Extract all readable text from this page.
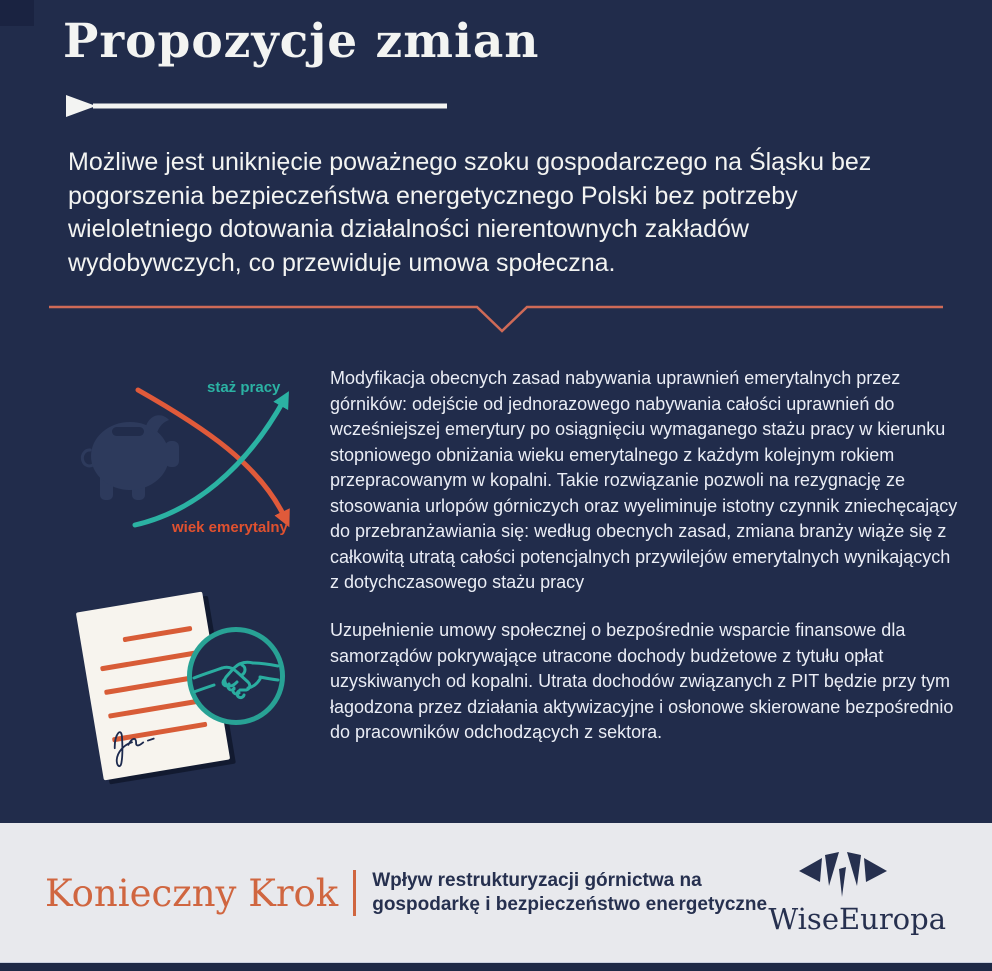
Propozycje zmian

Możliwe jest uniknięcie poważnego szoku gospodarczego na Śląsku bez pogorszenia bezpieczeństwa energetycznego Polski bez potrzeby wieloletniego dotowania działalności nierentownych zakładów wydobywczych, co przewiduje umowa społeczna.

staż pracy
wiek emerytalny

Modyfikacja obecnych zasad nabywania uprawnień emerytalnych przez górników: odejście od jednorazowego nabywania całości uprawnień do wcześniejszej emerytury po osiągnięciu wymaganego stażu pracy w kierunku stopniowego obniżania wieku emerytalnego z każdym kolejnym rokiem przepracowanym w kopalni. Takie rozwiązanie pozwoli na rezygnację ze stosowania urlopów górniczych oraz wyeliminuje istotny czynnik zniechęcający do przebranżawiania się: według obecnych zasad, zmiana branży wiąże się z całkowitą utratą całości potencjalnych przywilejów emerytalnych wynikających z dotychczasowego stażu pracy

Uzupełnienie umowy społecznej o bezpośrednie wsparcie finansowe dla samorządów pokrywające utracone dochody budżetowe z tytułu opłat uzyskiwanych od kopalni. Utrata dochodów związanych z PIT będzie przy tym łagodzona przez działania aktywizacyjne i osłonowe skierowane bezpośrednio do pracowników odchodzących z sektora.

Konieczny Krok Wpływ restrukturyzacji górnictwa na gospodarkę i bezpieczeństwo energetyczne WiseEuropa
